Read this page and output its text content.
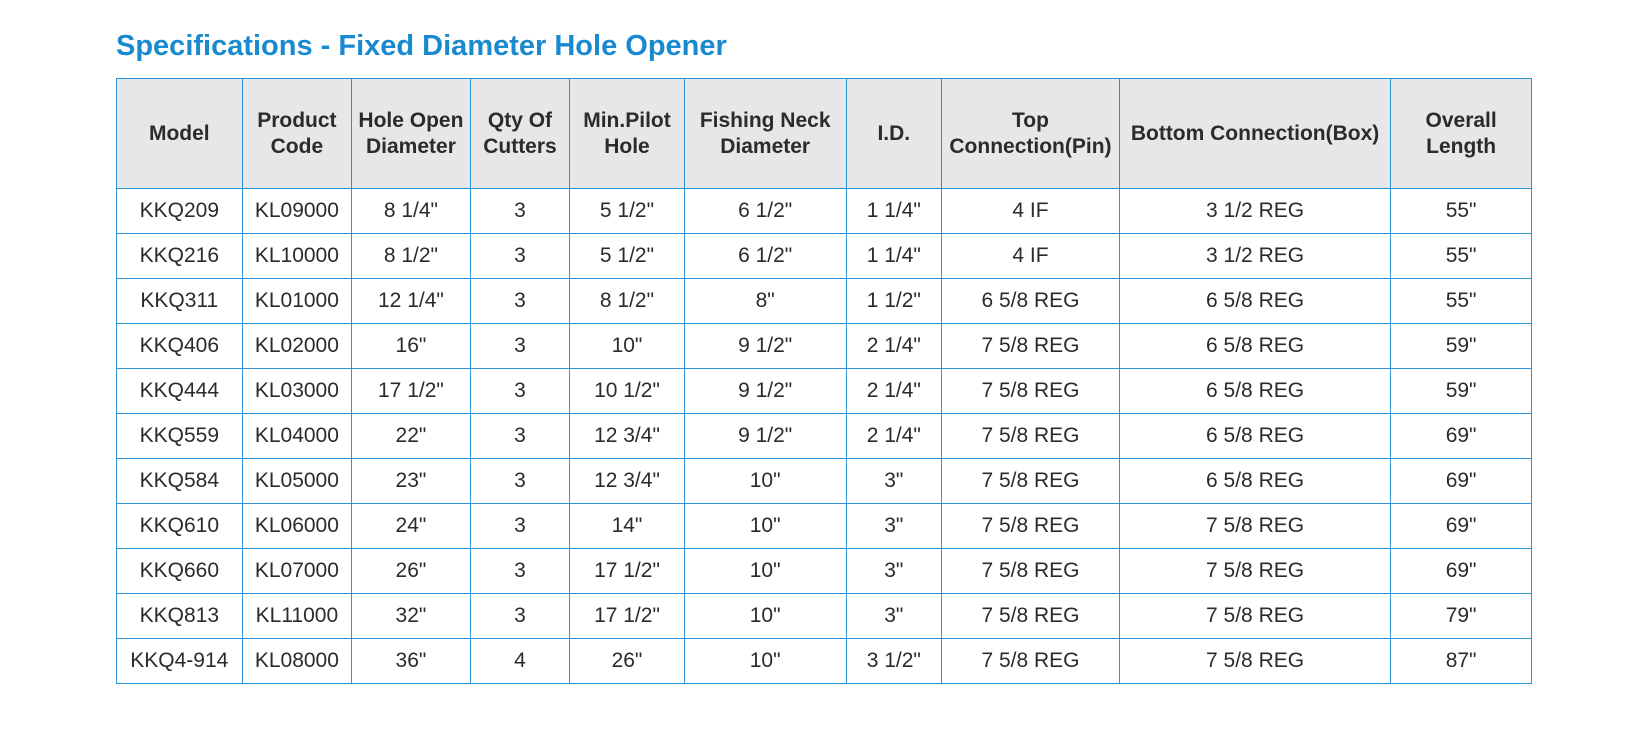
Specifications - Fixed Diameter Hole Opener
Model	Product Code	Hole Open Diameter	Qty Of Cutters	Min.Pilot Hole	Fishing Neck Diameter	I.D.	Top Connection(Pin)	Bottom Connection(Box)	Overall Length
KKQ209	KL09000	8 1/4"	3	5 1/2"	6 1/2"	1 1/4"	4 IF	3 1/2 REG	55"
KKQ216	KL10000	8 1/2"	3	5 1/2"	6 1/2"	1 1/4"	4 IF	3 1/2 REG	55"
KKQ311	KL01000	12 1/4"	3	8 1/2"	8"	1 1/2"	6 5/8 REG	6 5/8 REG	55"
KKQ406	KL02000	16"	3	10"	9 1/2"	2 1/4"	7 5/8 REG	6 5/8 REG	59"
KKQ444	KL03000	17 1/2"	3	10 1/2"	9 1/2"	2 1/4"	7 5/8 REG	6 5/8 REG	59"
KKQ559	KL04000	22"	3	12 3/4"	9 1/2"	2 1/4"	7 5/8 REG	6 5/8 REG	69"
KKQ584	KL05000	23"	3	12 3/4"	10"	3"	7 5/8 REG	6 5/8 REG	69"
KKQ610	KL06000	24"	3	14"	10"	3"	7 5/8 REG	7 5/8 REG	69"
KKQ660	KL07000	26"	3	17 1/2"	10"	3"	7 5/8 REG	7 5/8 REG	69"
KKQ813	KL11000	32"	3	17 1/2"	10"	3"	7 5/8 REG	7 5/8 REG	79"
KKQ4-914	KL08000	36"	4	26"	10"	3 1/2"	7 5/8 REG	7 5/8 REG	87"
